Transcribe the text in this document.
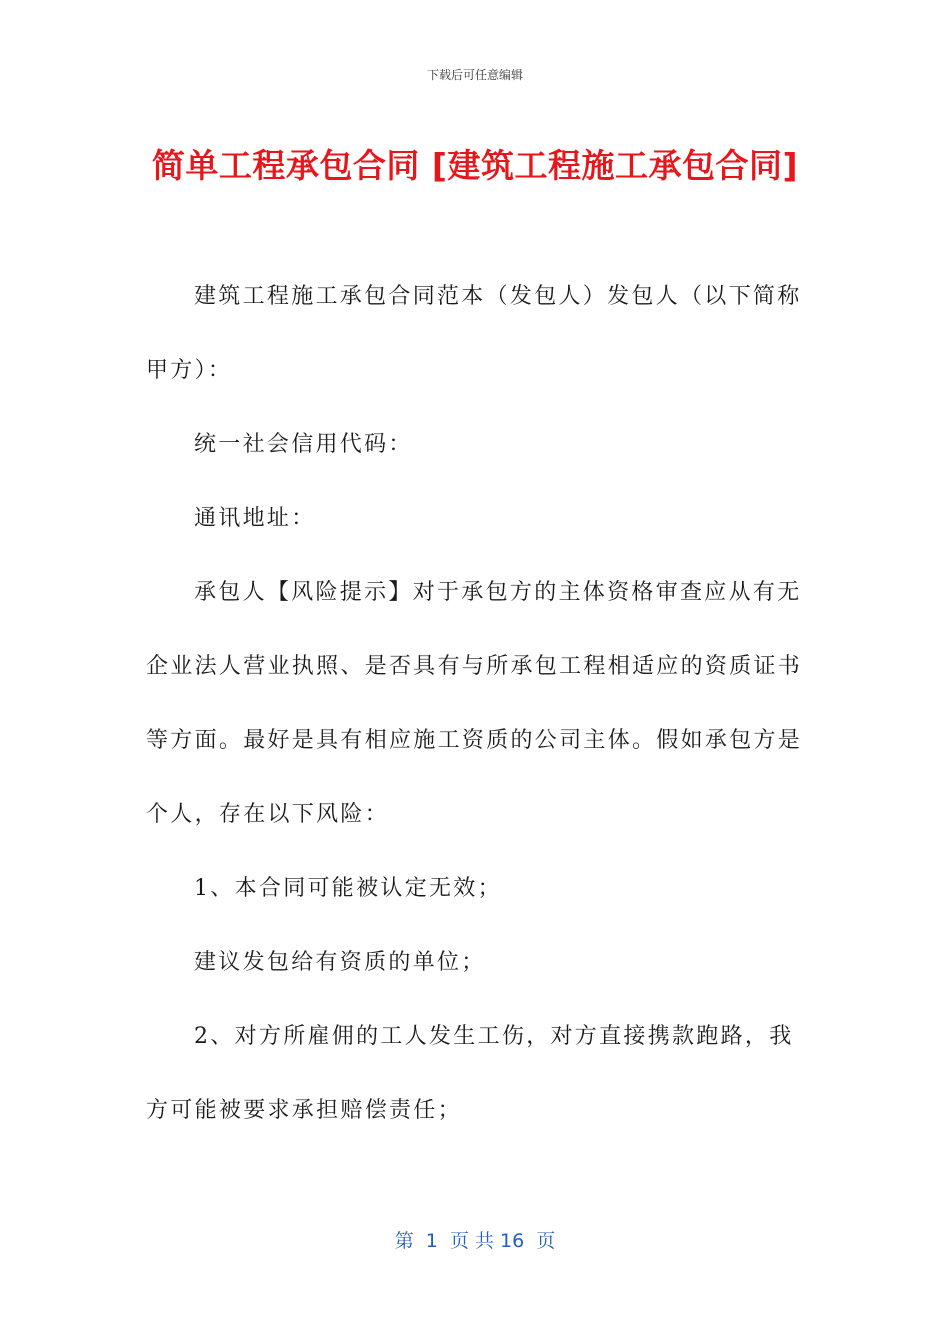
下载后可任意编辑
简单工程承包合同 [建筑工程施工承包合同]

建筑工程施工承包合同范本（发包人）发包人（以下简称甲方）：

统一社会信用代码：

通讯地址：

承包人【风险提示】对于承包方的主体资格审查应从有无企业法人营业执照、是否具有与所承包工程相适应的资质证书等方面。最好是具有相应施工资质的公司主体。假如承包方是个人，存在以下风险：

1、本合同可能被认定无效；

建议发包给有资质的单位；

2、对方所雇佣的工人发生工伤，对方直接携款跑路，我方可能被要求承担赔偿责任；

第  1  页 共 16  页
